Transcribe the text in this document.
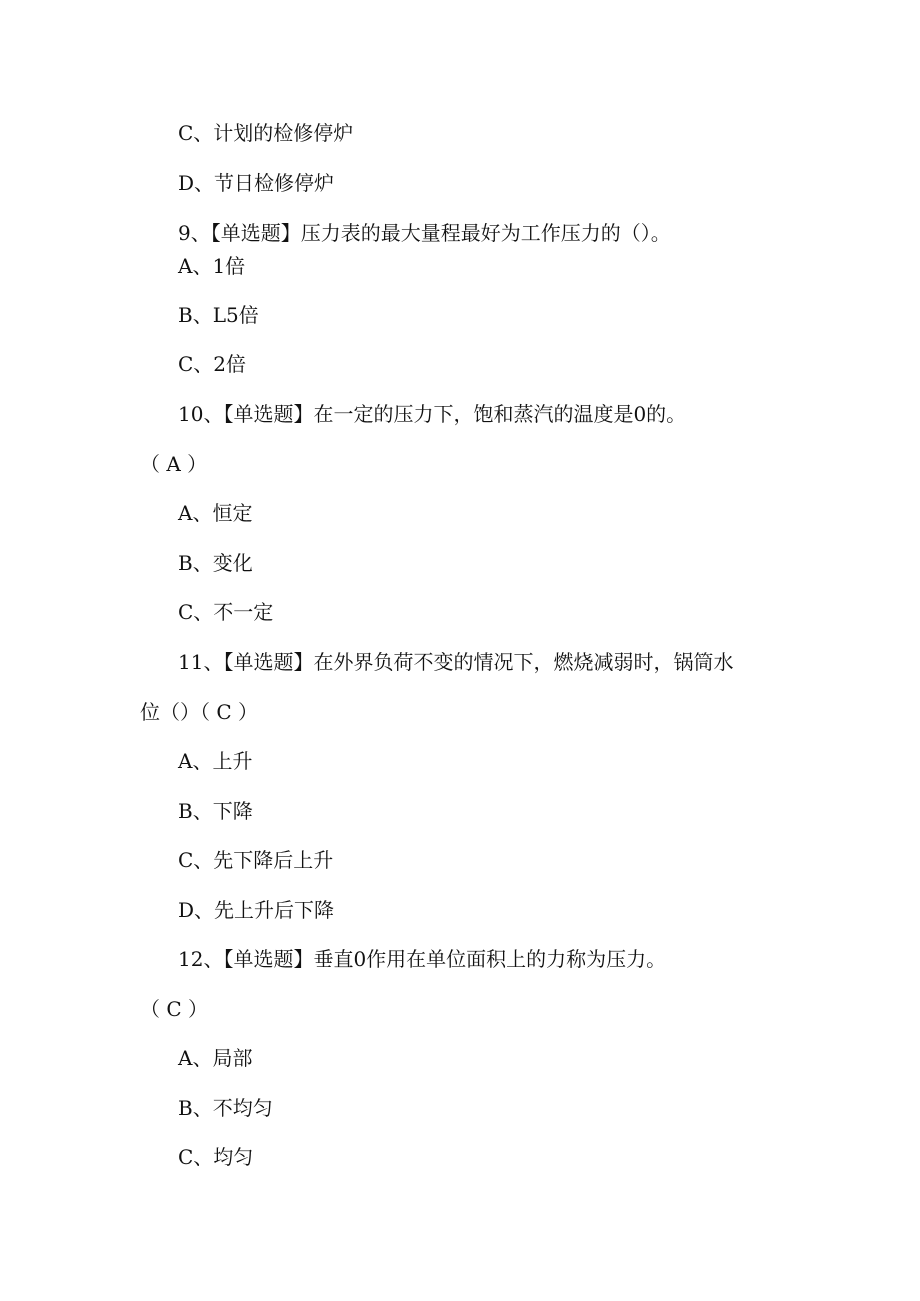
C、计划的检修停炉
D、节日检修停炉
9、【单选题】压力表的最大量程最好为工作压力的（）。
A、1倍
B、L5倍
C、2倍
10、【单选题】在一定的压力下，饱和蒸汽的温度是0的。
（ A ）
A、恒定
B、变化
C、不一定
11、【单选题】在外界负荷不变的情况下，燃烧减弱时，锅筒水
位（）（ C ）
A、上升
B、下降
C、先下降后上升
D、先上升后下降
12、【单选题】垂直0作用在单位面积上的力称为压力。
（ C ）
A、局部
B、不均匀
C、均匀
